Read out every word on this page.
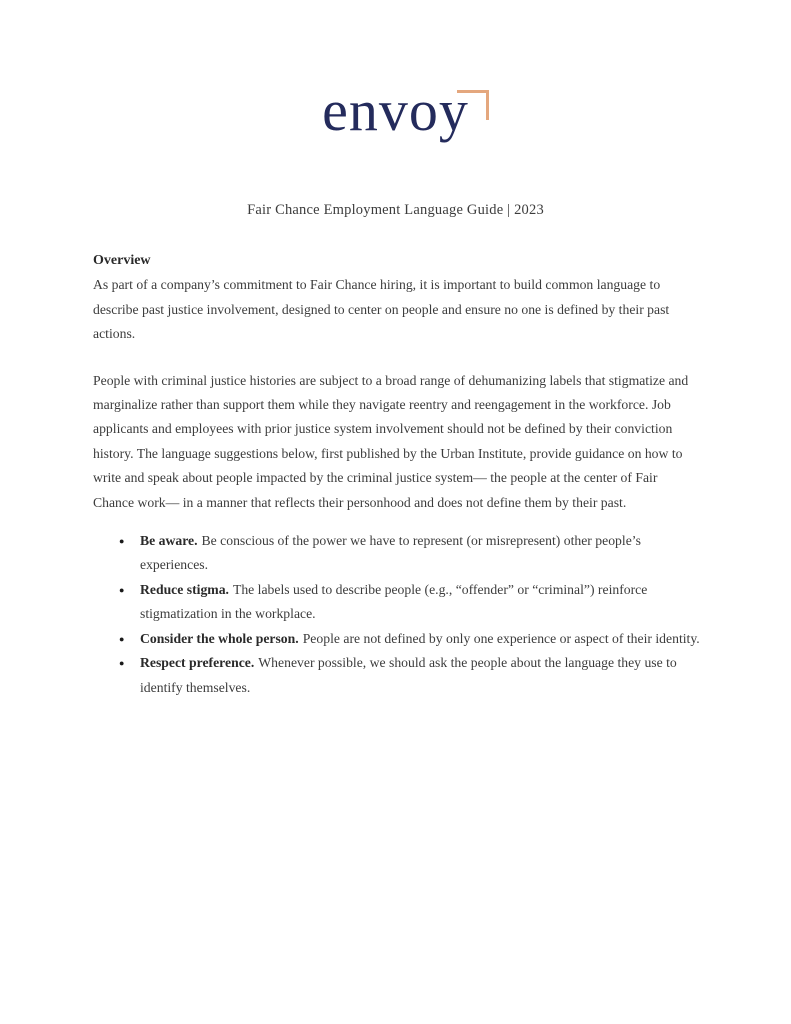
envoy
Fair Chance Employment Language Guide | 2023
Overview

As part of a company’s commitment to Fair Chance hiring, it is important to build common language to describe past justice involvement, designed to center on people and ensure no one is defined by their past actions.

People with criminal justice histories are subject to a broad range of dehumanizing labels that stigmatize and marginalize rather than support them while they navigate reentry and reengagement in the workforce. Job applicants and employees with prior justice system involvement should not be defined by their conviction history. The language suggestions below, first published by the Urban Institute, provide guidance on how to write and speak about people impacted by the criminal justice system— the people at the center of Fair Chance work— in a manner that reflects their personhood and does not define them by their past.

● Be aware. Be conscious of the power we have to represent (or misrepresent) other people’s experiences.
● Reduce stigma. The labels used to describe people (e.g., “offender” or “criminal”) reinforce stigmatization in the workplace.
● Consider the whole person. People are not defined by only one experience or aspect of their identity.
● Respect preference. Whenever possible, we should ask the people about the language they use to identify themselves.
